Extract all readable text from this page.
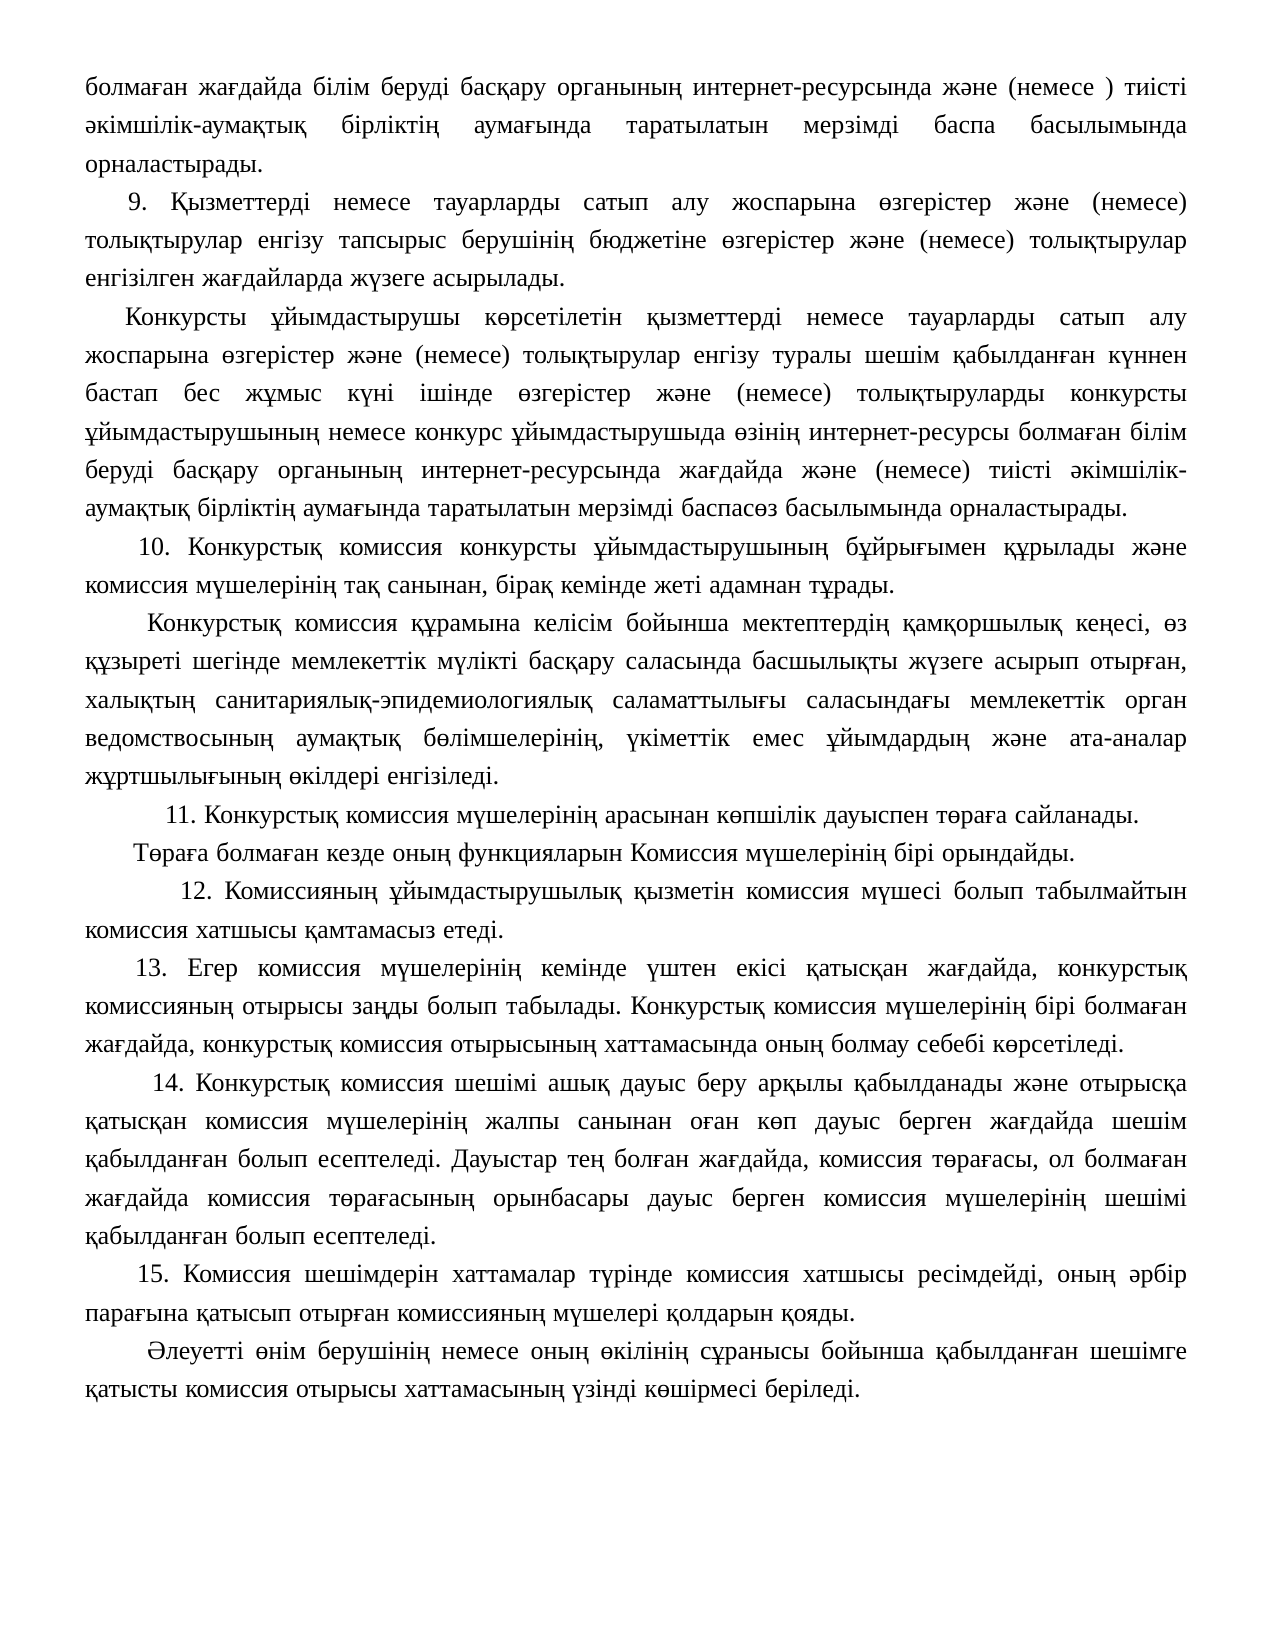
болмаған жағдайда білім беруді басқару органының интернет-ресурсында және (немесе ) тиісті әкімшілік-аумақтық бірліктің аумағында таратылатын мерзімді баспа басылымында орналастырады.

9. Қызметтерді немесе тауарларды сатып алу жоспарына өзгерістер және (немесе) толықтырулар енгізу тапсырыс берушінің бюджетіне өзгерістер және (немесе) толықтырулар енгізілген жағдайларда жүзеге асырылады.

Конкурсты ұйымдастырушы көрсетілетін қызметтерді немесе тауарларды сатып алу жоспарына өзгерістер және (немесе) толықтырулар енгізу туралы шешім қабылданған күннен бастап бес жұмыс күні ішінде өзгерістер және (немесе) толықтыруларды конкурсты ұйымдастырушының немесе конкурс ұйымдастырушыда өзінің интернет-ресурсы болмаған білім беруді басқару органының интернет-ресурсында жағдайда және (немесе) тиісті әкімшілік-аумақтық бірліктің аумағында таратылатын мерзімді баспасөз басылымында орналастырады.

10. Конкурстық комиссия конкурсты ұйымдастырушының бұйрығымен құрылады және комиссия мүшелерінің тақ санынан, бірақ кемінде жеті адамнан тұрады.

Конкурстық комиссия құрамына келісім бойынша мектептердің қамқоршылық кеңесі, өз құзыреті шегінде мемлекеттік мүлікті басқару саласында басшылықты жүзеге асырып отырған, халықтың санитариялық-эпидемиологиялық саламаттылығы саласындағы мемлекеттік орган ведомствосының аумақтық бөлімшелерінің, үкіметтік емес ұйымдардың және ата-аналар жұртшылығының өкілдері енгізіледі.

11. Конкурстық комиссия мүшелерінің арасынан көпшілік дауыспен төраға сайланады.

Төраға болмаған кезде оның функцияларын Комиссия мүшелерінің бірі орындайды.

12. Комиссияның ұйымдастырушылық қызметін комиссия мүшесі болып табылмайтын комиссия хатшысы қамтамасыз етеді.

13. Егер комиссия мүшелерінің кемінде үштен екісі қатысқан жағдайда, конкурстық комиссияның отырысы заңды болып табылады. Конкурстық комиссия мүшелерінің бірі болмаған жағдайда, конкурстық комиссия отырысының хаттамасында оның болмау себебі көрсетіледі.

14. Конкурстық комиссия шешімі ашық дауыс беру арқылы қабылданады және отырысқа қатысқан комиссия мүшелерінің жалпы санынан оған көп дауыс берген жағдайда шешім қабылданған болып есептеледі. Дауыстар тең болған жағдайда, комиссия төрағасы, ол болмаған жағдайда комиссия төрағасының орынбасары дауыс берген комиссия мүшелерінің шешімі қабылданған болып есептеледі.

15. Комиссия шешімдерін хаттамалар түрінде комиссия хатшысы ресімдейді, оның әрбір парағына қатысып отырған комиссияның мүшелері қолдарын қояды.

Әлеуетті өнім берушінің немесе оның өкілінің сұранысы бойынша қабылданған шешімге қатысты комиссия отырысы хаттамасының үзінді көшірмесі беріледі.
